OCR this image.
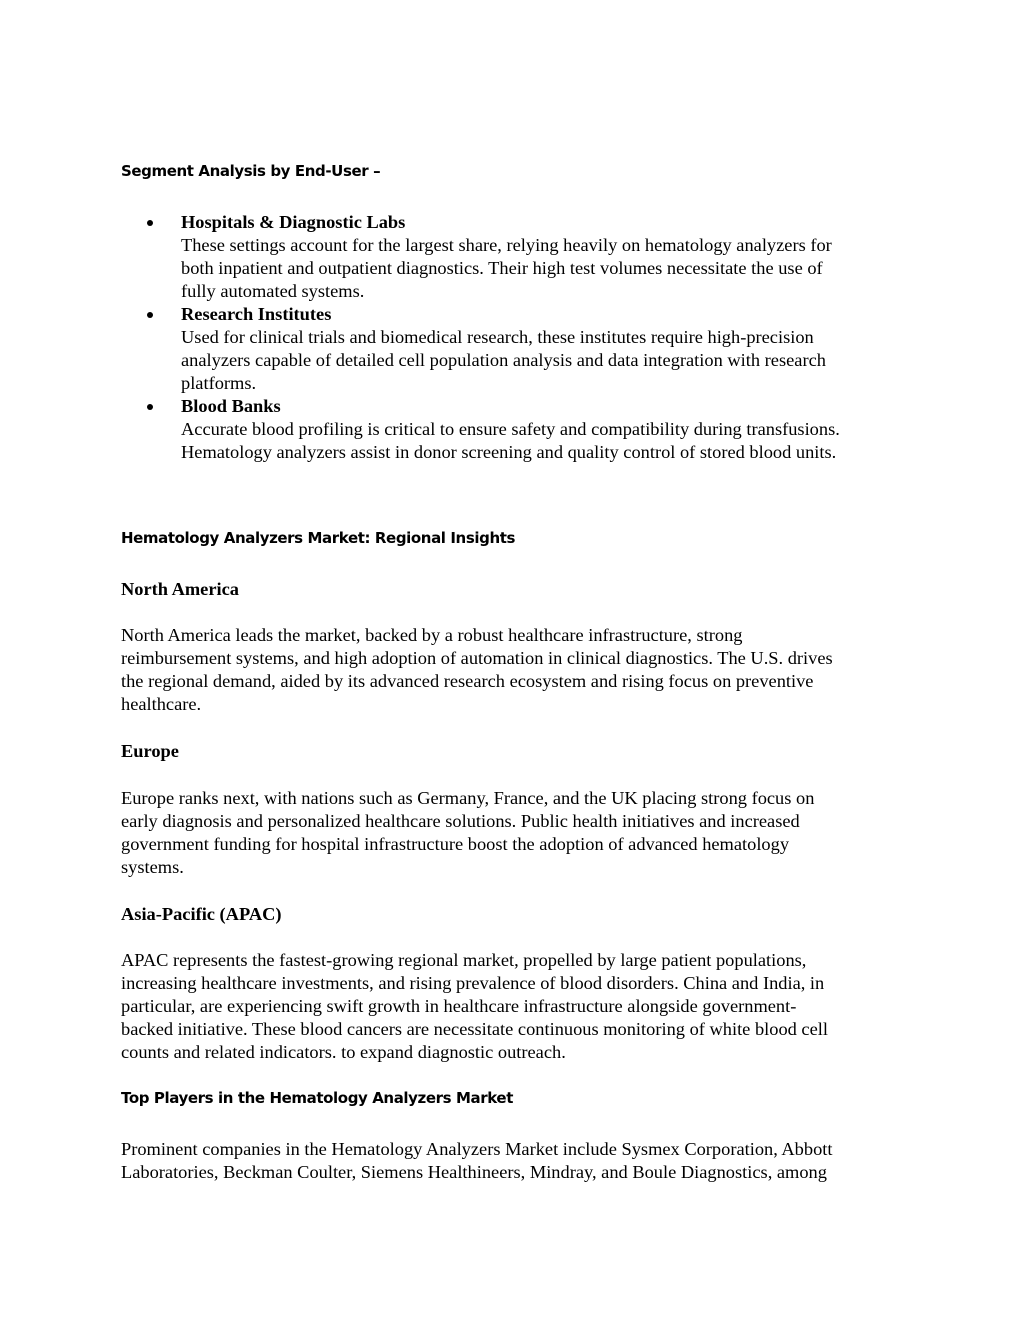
Segment Analysis by End-User –
Hospitals & Diagnostic Labs
These settings account for the largest share, relying heavily on hematology analyzers for
both inpatient and outpatient diagnostics. Their high test volumes necessitate the use of
fully automated systems.
Research Institutes
Used for clinical trials and biomedical research, these institutes require high-precision
analyzers capable of detailed cell population analysis and data integration with research
platforms.
Blood Banks
Accurate blood profiling is critical to ensure safety and compatibility during transfusions.
Hematology analyzers assist in donor screening and quality control of stored blood units.
Hematology Analyzers Market: Regional Insights
North America
North America leads the market, backed by a robust healthcare infrastructure, strong
reimbursement systems, and high adoption of automation in clinical diagnostics. The U.S. drives
the regional demand, aided by its advanced research ecosystem and rising focus on preventive
healthcare.
Europe
Europe ranks next, with nations such as Germany, France, and the UK placing strong focus on
early diagnosis and personalized healthcare solutions. Public health initiatives and increased
government funding for hospital infrastructure boost the adoption of advanced hematology
systems.
Asia-Pacific (APAC)
APAC represents the fastest-growing regional market, propelled by large patient populations,
increasing healthcare investments, and rising prevalence of blood disorders. China and India, in
particular, are experiencing swift growth in healthcare infrastructure alongside government-
backed initiative. These blood cancers are necessitate continuous monitoring of white blood cell
counts and related indicators. to expand diagnostic outreach.
Top Players in the Hematology Analyzers Market
Prominent companies in the Hematology Analyzers Market include Sysmex Corporation, Abbott
Laboratories, Beckman Coulter, Siemens Healthineers, Mindray, and Boule Diagnostics, among
